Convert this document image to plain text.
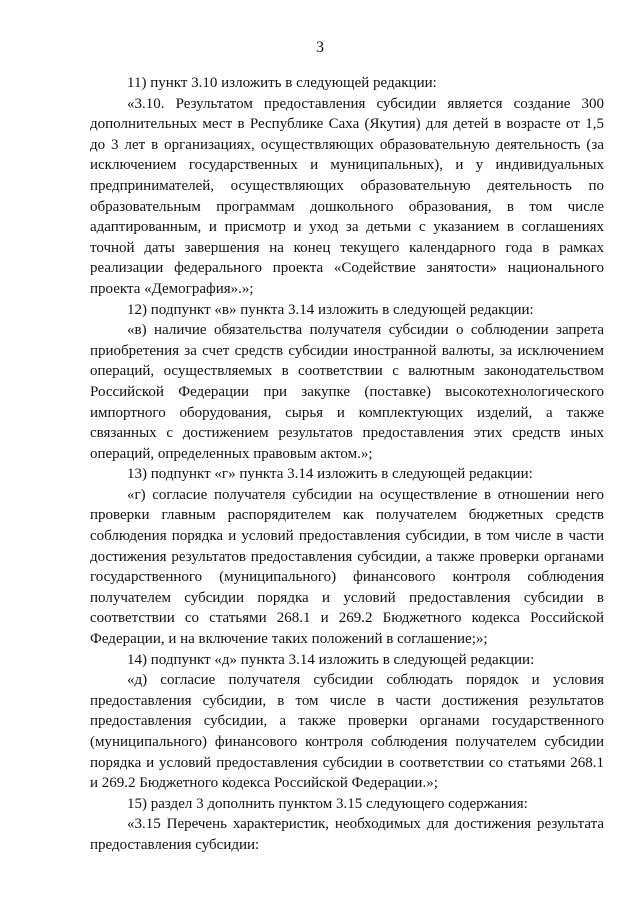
3

11) пункт 3.10 изложить в следующей редакции:

«3.10. Результатом предоставления субсидии является создание 300 дополнительных мест в Республике Саха (Якутия) для детей в возрасте от 1,5 до 3 лет в организациях, осуществляющих образовательную деятельность (за исключением государственных и муниципальных), и у индивидуальных предпринимателей, осуществляющих образовательную деятельность по образовательным программам дошкольного образования, в том числе адаптированным, и присмотр и уход за детьми с указанием в соглашениях точной даты завершения на конец текущего календарного года в рамках реализации федерального проекта «Содействие занятости» национального проекта «Демография».»;

12) подпункт «в» пункта 3.14 изложить в следующей редакции:

«в) наличие обязательства получателя субсидии о соблюдении запрета приобретения за счет средств субсидии иностранной валюты, за исключением операций, осуществляемых в соответствии с валютным законодательством Российской Федерации при закупке (поставке) высокотехнологического импортного оборудования, сырья и комплектующих изделий, а также связанных с достижением результатов предоставления этих средств иных операций, определенных правовым актом.»;

13) подпункт «г» пункта 3.14 изложить в следующей редакции:

«г) согласие получателя субсидии на осуществление в отношении него проверки главным распорядителем как получателем бюджетных средств соблюдения порядка и условий предоставления субсидии, в том числе в части достижения результатов предоставления субсидии, а также проверки органами государственного (муниципального) финансового контроля соблюдения получателем субсидии порядка и условий предоставления субсидии в соответствии со статьями 268.1 и 269.2 Бюджетного кодекса Российской Федерации, и на включение таких положений в соглашение;»;

14) подпункт «д» пункта 3.14 изложить в следующей редакции:

«д) согласие получателя субсидии соблюдать порядок и условия предоставления субсидии, в том числе в части достижения результатов предоставления субсидии, а также проверки органами государственного (муниципального) финансового контроля соблюдения получателем субсидии порядка и условий предоставления субсидии в соответствии со статьями 268.1 и 269.2 Бюджетного кодекса Российской Федерации.»;

15) раздел 3 дополнить пунктом 3.15 следующего содержания:

«3.15 Перечень характеристик, необходимых для достижения результата предоставления субсидии:
